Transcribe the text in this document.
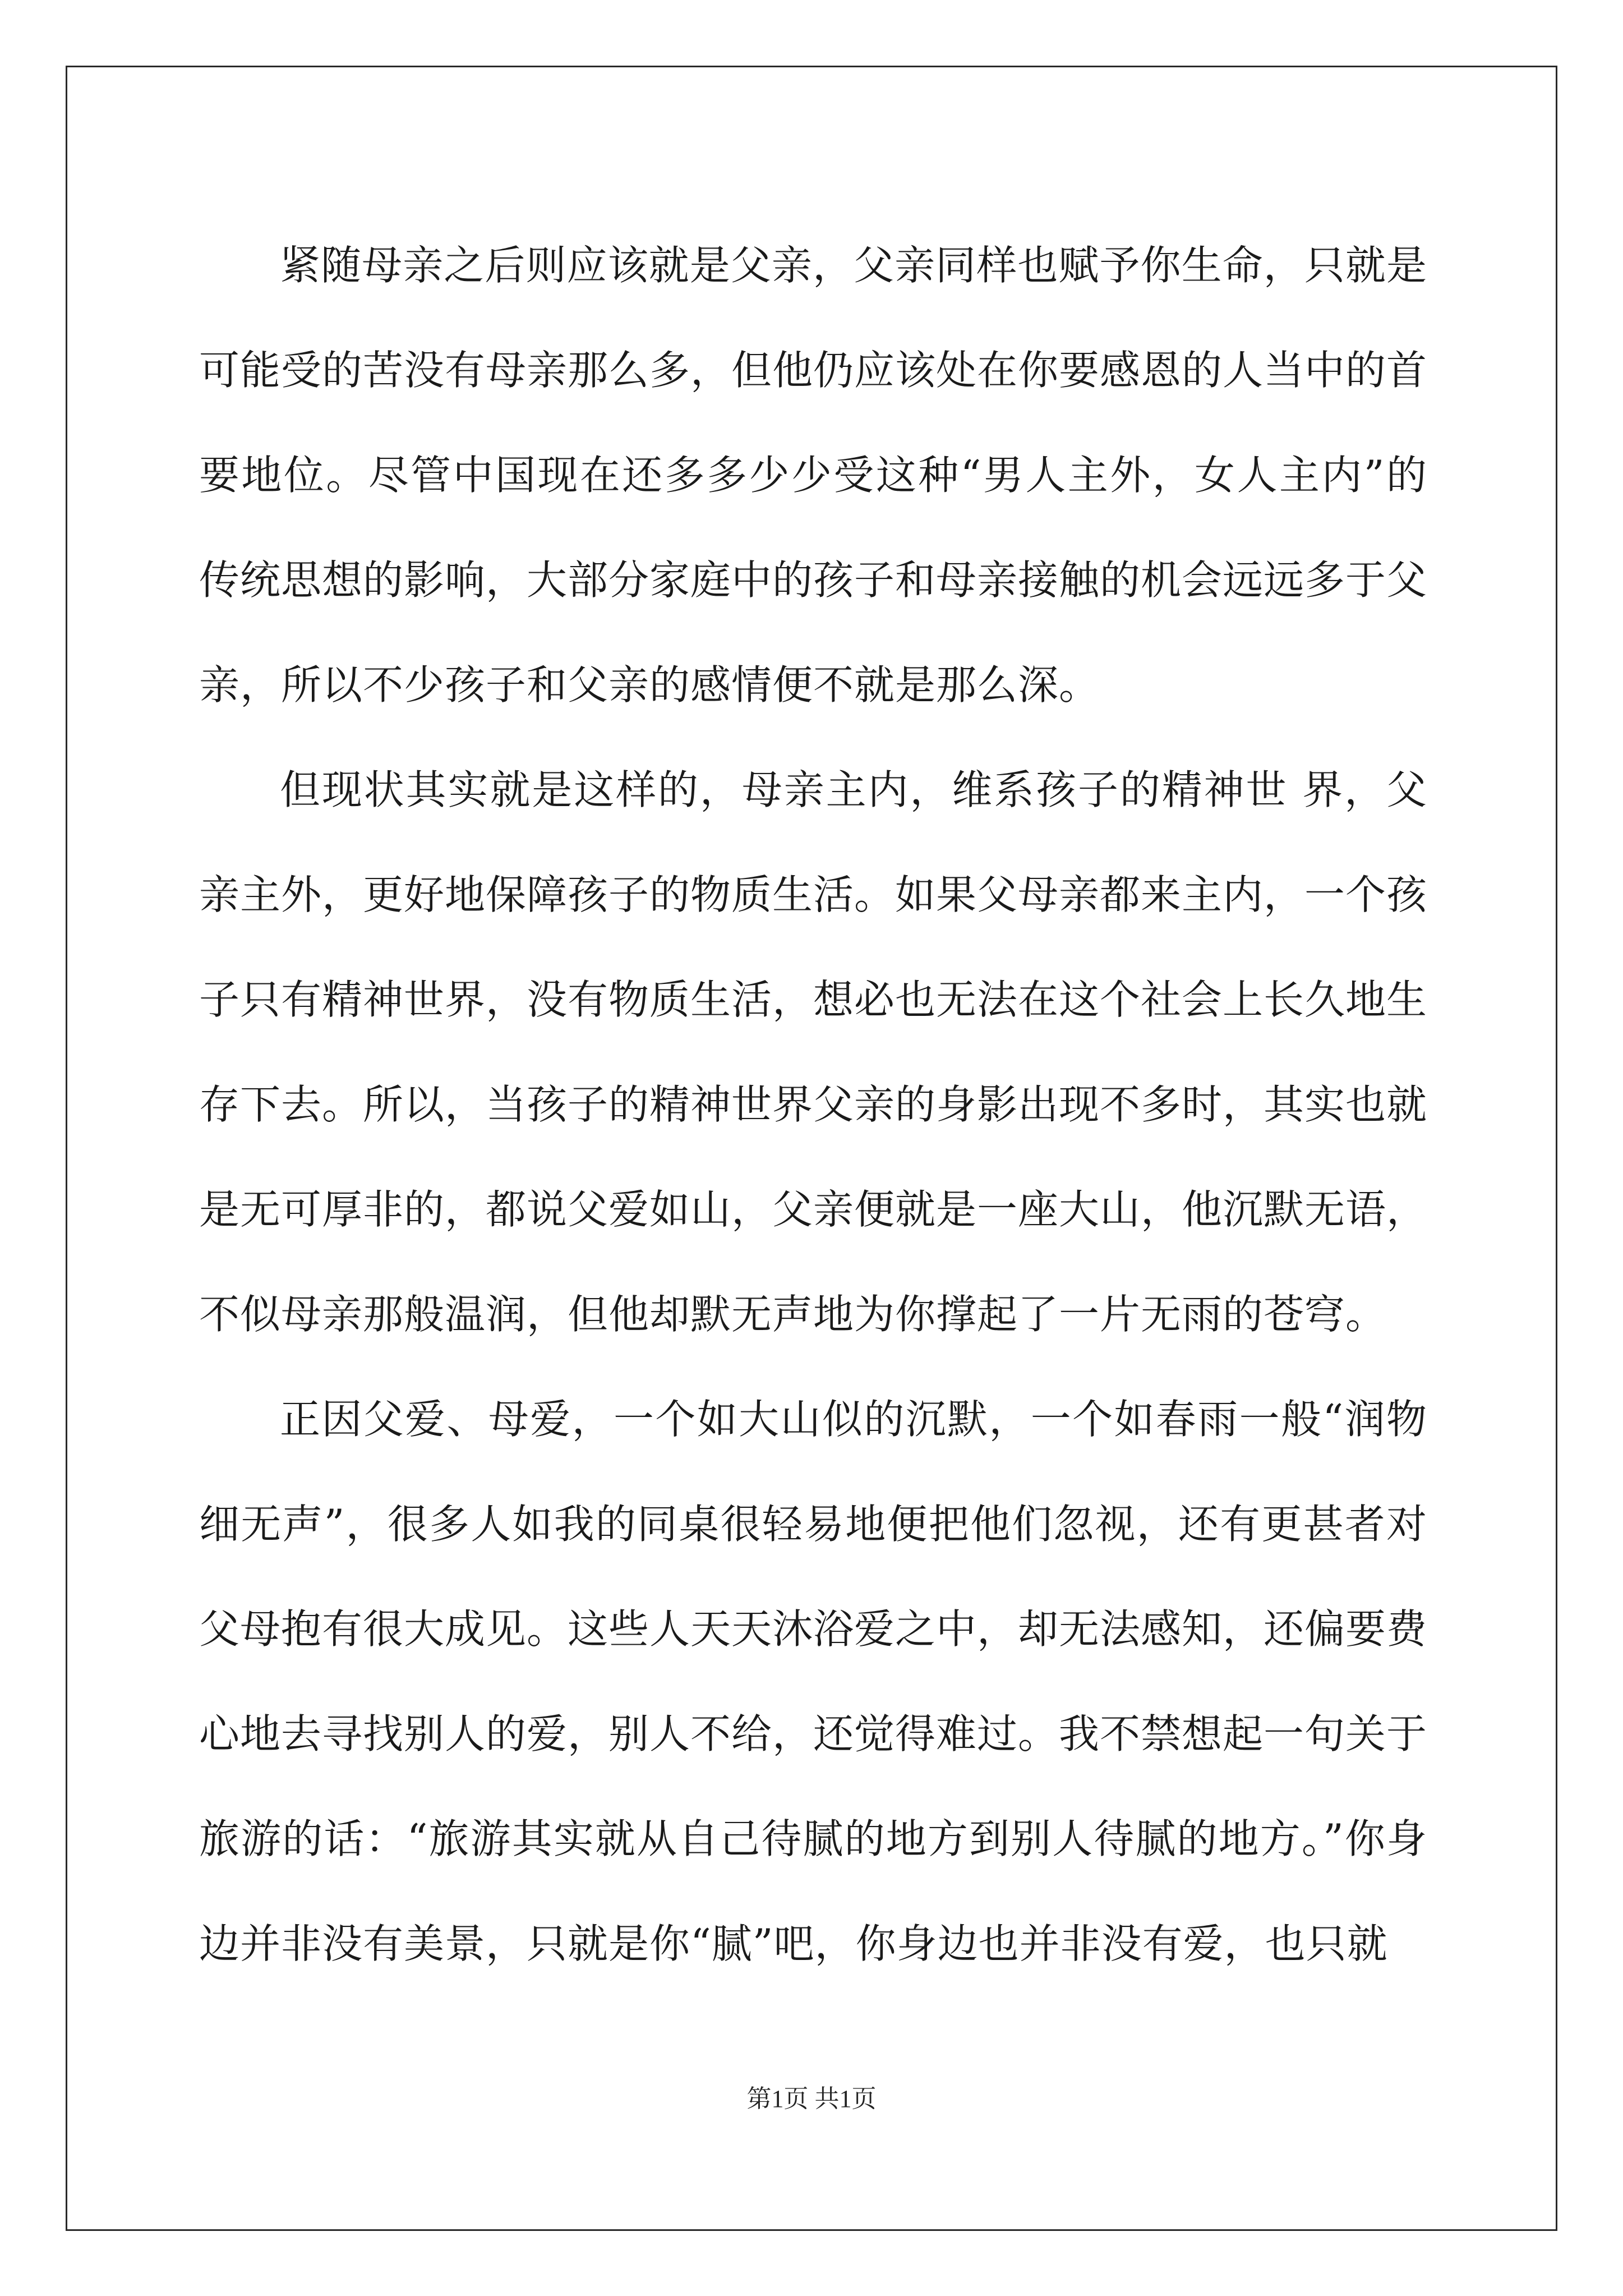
紧随母亲之后则应该就是父亲，父亲同样也赋予你生命，只就是可能受的苦没有母亲那么多，但他仍应该处在你要感恩的人当中的首要地位。尽管中国现在还多多少少受这种“男人主外，女人主内”的传统思想的影响，大部分家庭中的孩子和母亲接触的机会远远多于父亲，所以不少孩子和父亲的感情便不就是那么深。

但现状其实就是这样的，母亲主内，维系孩子的精神世 界，父亲主外，更好地保障孩子的物质生活。如果父母亲都来主内，一个孩子只有精神世界，没有物质生活，想必也无法在这个社会上长久地生存下去。所以，当孩子的精神世界父亲的身影出现不多时，其实也就是无可厚非的，都说父爱如山，父亲便就是一座大山，他沉默无语，不似母亲那般温润，但他却默无声地为你撑起了一片无雨的苍穹。

正因父爱、母爱，一个如大山似的沉默，一个如春雨一般“润物细无声”，很多人如我的同桌很轻易地便把他们忽视，还有更甚者对父母抱有很大成见。这些人天天沐浴爱之中，却无法感知，还偏要费心地去寻找别人的爱，别人不给，还觉得难过。我不禁想起一句关于旅游的话：“旅游其实就从自己待腻的地方到别人待腻的地方。”你身边并非没有美景，只就是你“腻”吧，你身边也并非没有爱，也只就

第1页 共1页
